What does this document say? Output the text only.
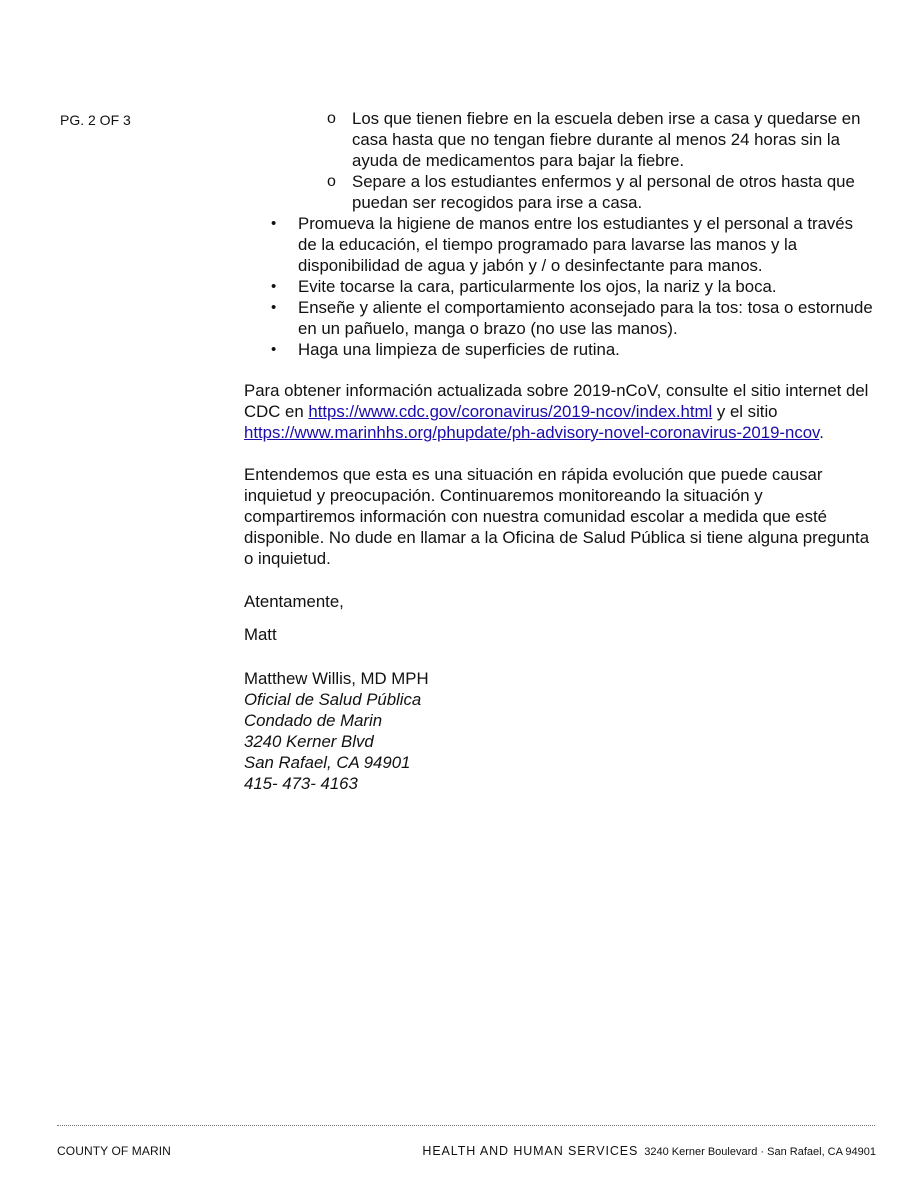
PG. 2 OF 3	o Los que tienen fiebre en la escuela deben irse a casa y quedarse en casa hasta que no tengan fiebre durante al menos 24 horas sin la ayuda de medicamentos para bajar la fiebre.
o Separe a los estudiantes enfermos y al personal de otros hasta que puedan ser recogidos para irse a casa.
• Promueva la higiene de manos entre los estudiantes y el personal a través de la educación, el tiempo programado para lavarse las manos y la disponibilidad de agua y jabón y / o desinfectante para manos.
• Evite tocarse la cara, particularmente los ojos, la nariz y la boca.
• Enseñe y aliente el comportamiento aconsejado para la tos: tosa o estornude en un pañuelo, manga o brazo (no use las manos).
• Haga una limpieza de superficies de rutina.

Para obtener información actualizada sobre 2019-nCoV, consulte el sitio internet del CDC en https://www.cdc.gov/coronavirus/2019-ncov/index.html y el sitio https://www.marinhhs.org/phupdate/ph-advisory-novel-coronavirus-2019-ncov.

Entendemos que esta es una situación en rápida evolución que puede causar inquietud y preocupación. Continuaremos monitoreando la situación y compartiremos información con nuestra comunidad escolar a medida que esté disponible. No dude en llamar a la Oficina de Salud Pública si tiene alguna pregunta o inquietud.

Atentamente,

Matt

Matthew Willis, MD MPH
Oficial de Salud Pública
Condado de Marin
3240 Kerner Blvd
San Rafael, CA 94901
415- 473- 4163
COUNTY OF MARIN	HEALTH AND HUMAN SERVICES 3240 Kerner Boulevard · San Rafael, CA 94901
